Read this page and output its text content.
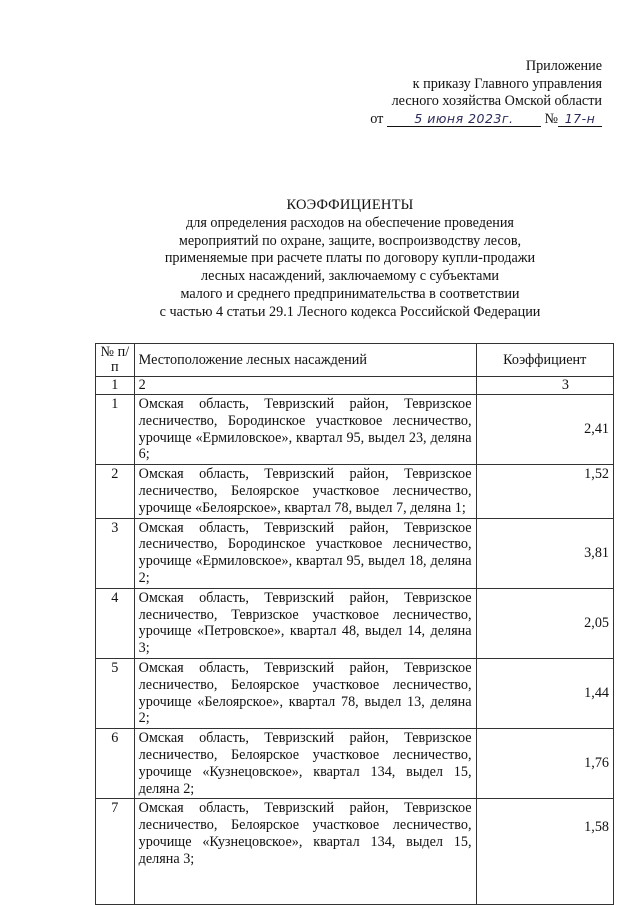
Приложение
к приказу Главного управления
лесного хозяйства Омской области
от 5 июня 2023г. № 17-н
КОЭФФИЦИЕНТЫ
для определения расходов на обеспечение проведения
мероприятий по охране, защите, воспроизводству лесов,
применяемые при расчете платы по договору купли-продажи
лесных насаждений, заключаемому с субъектами
малого и среднего предпринимательства в соответствии
с частью 4 статьи 29.1 Лесного кодекса Российской Федерации
№ п/п	Местоположение лесных насаждений	Коэффициент
1	2	3
1	Омская область, Тевризский район, Тевризское лесничество, Бородинское участковое лесничество, урочище «Ермиловское», квартал 95, выдел 23, деляна 6;	2,41
2	Омская область, Тевризский район, Тевризское лесничество, Белоярское участковое лесничество, урочище «Белоярское», квартал 78, выдел 7, деляна 1;	1,52
3	Омская область, Тевризский район, Тевризское лесничество, Бородинское участковое лесничество, урочище «Ермиловское», квартал 95, выдел 18, деляна 2;	3,81
4	Омская область, Тевризский район, Тевризское лесничество, Тевризское участковое лесничество, урочище «Петровское», квартал 48, выдел 14, деляна 3;	2,05
5	Омская область, Тевризский район, Тевризское лесничество, Белоярское участковое лесничество, урочище «Белоярское», квартал 78, выдел 13, деляна 2;	1,44
6	Омская область, Тевризский район, Тевризское лесничество, Белоярское участковое лесничество, урочище «Кузнецовское», квартал 134, выдел 15, деляна 2;	1,76
7	Омская область, Тевризский район, Тевризское лесничество, Белоярское участковое лесничество, урочище «Кузнецовское», квартал 134, выдел 15, деляна 3;	1,58
